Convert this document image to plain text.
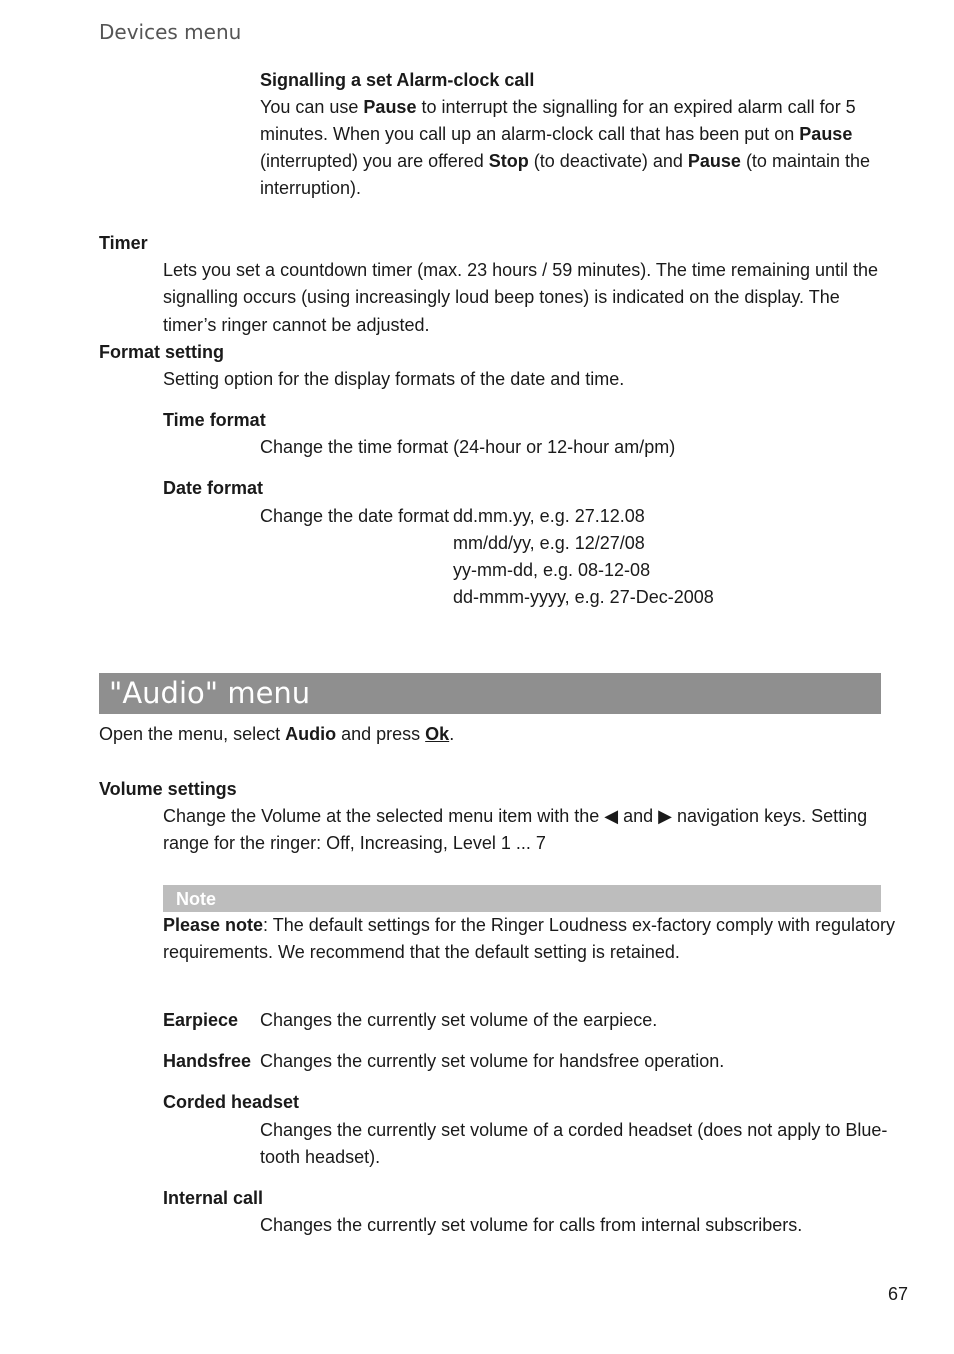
Devices menu
Signalling a set Alarm-clock call
You can use Pause to interrupt the signalling for an expired alarm call for 5
minutes. When you call up an alarm-clock call that has been put on Pause
(interrupted) you are offered Stop (to deactivate) and Pause (to maintain the
interruption).
Timer
Lets you set a countdown timer (max. 23 hours / 59 minutes). The time remaining until the
signalling occurs (using increasingly loud beep tones) is indicated on the display. The
timer’s ringer cannot be adjusted.
Format setting
Setting option for the display formats of the date and time.
Time format
Change the time format (24-hour or 12-hour am/pm)
Date format
Change the date format dd.mm.yy, e.g. 27.12.08
mm/dd/yy, e.g. 12/27/08
yy-mm-dd, e.g. 08-12-08
dd-mmm-yyyy, e.g. 27-Dec-2008
"Audio" menu
Open the menu, select Audio and press Ok.
Volume settings
Change the Volume at the selected menu item with the ◀ and ▶ navigation keys. Setting
range for the ringer: Off, Increasing, Level 1 ... 7
Note
Please note: The default settings for the Ringer Loudness ex-factory comply with regulatory
requirements. We recommend that the default setting is retained.
Earpiece Changes the currently set volume of the earpiece.
Handsfree Changes the currently set volume for handsfree operation.
Corded headset
Changes the currently set volume of a corded headset (does not apply to Blue-
tooth headset).
Internal call
Changes the currently set volume for calls from internal subscribers.
67
